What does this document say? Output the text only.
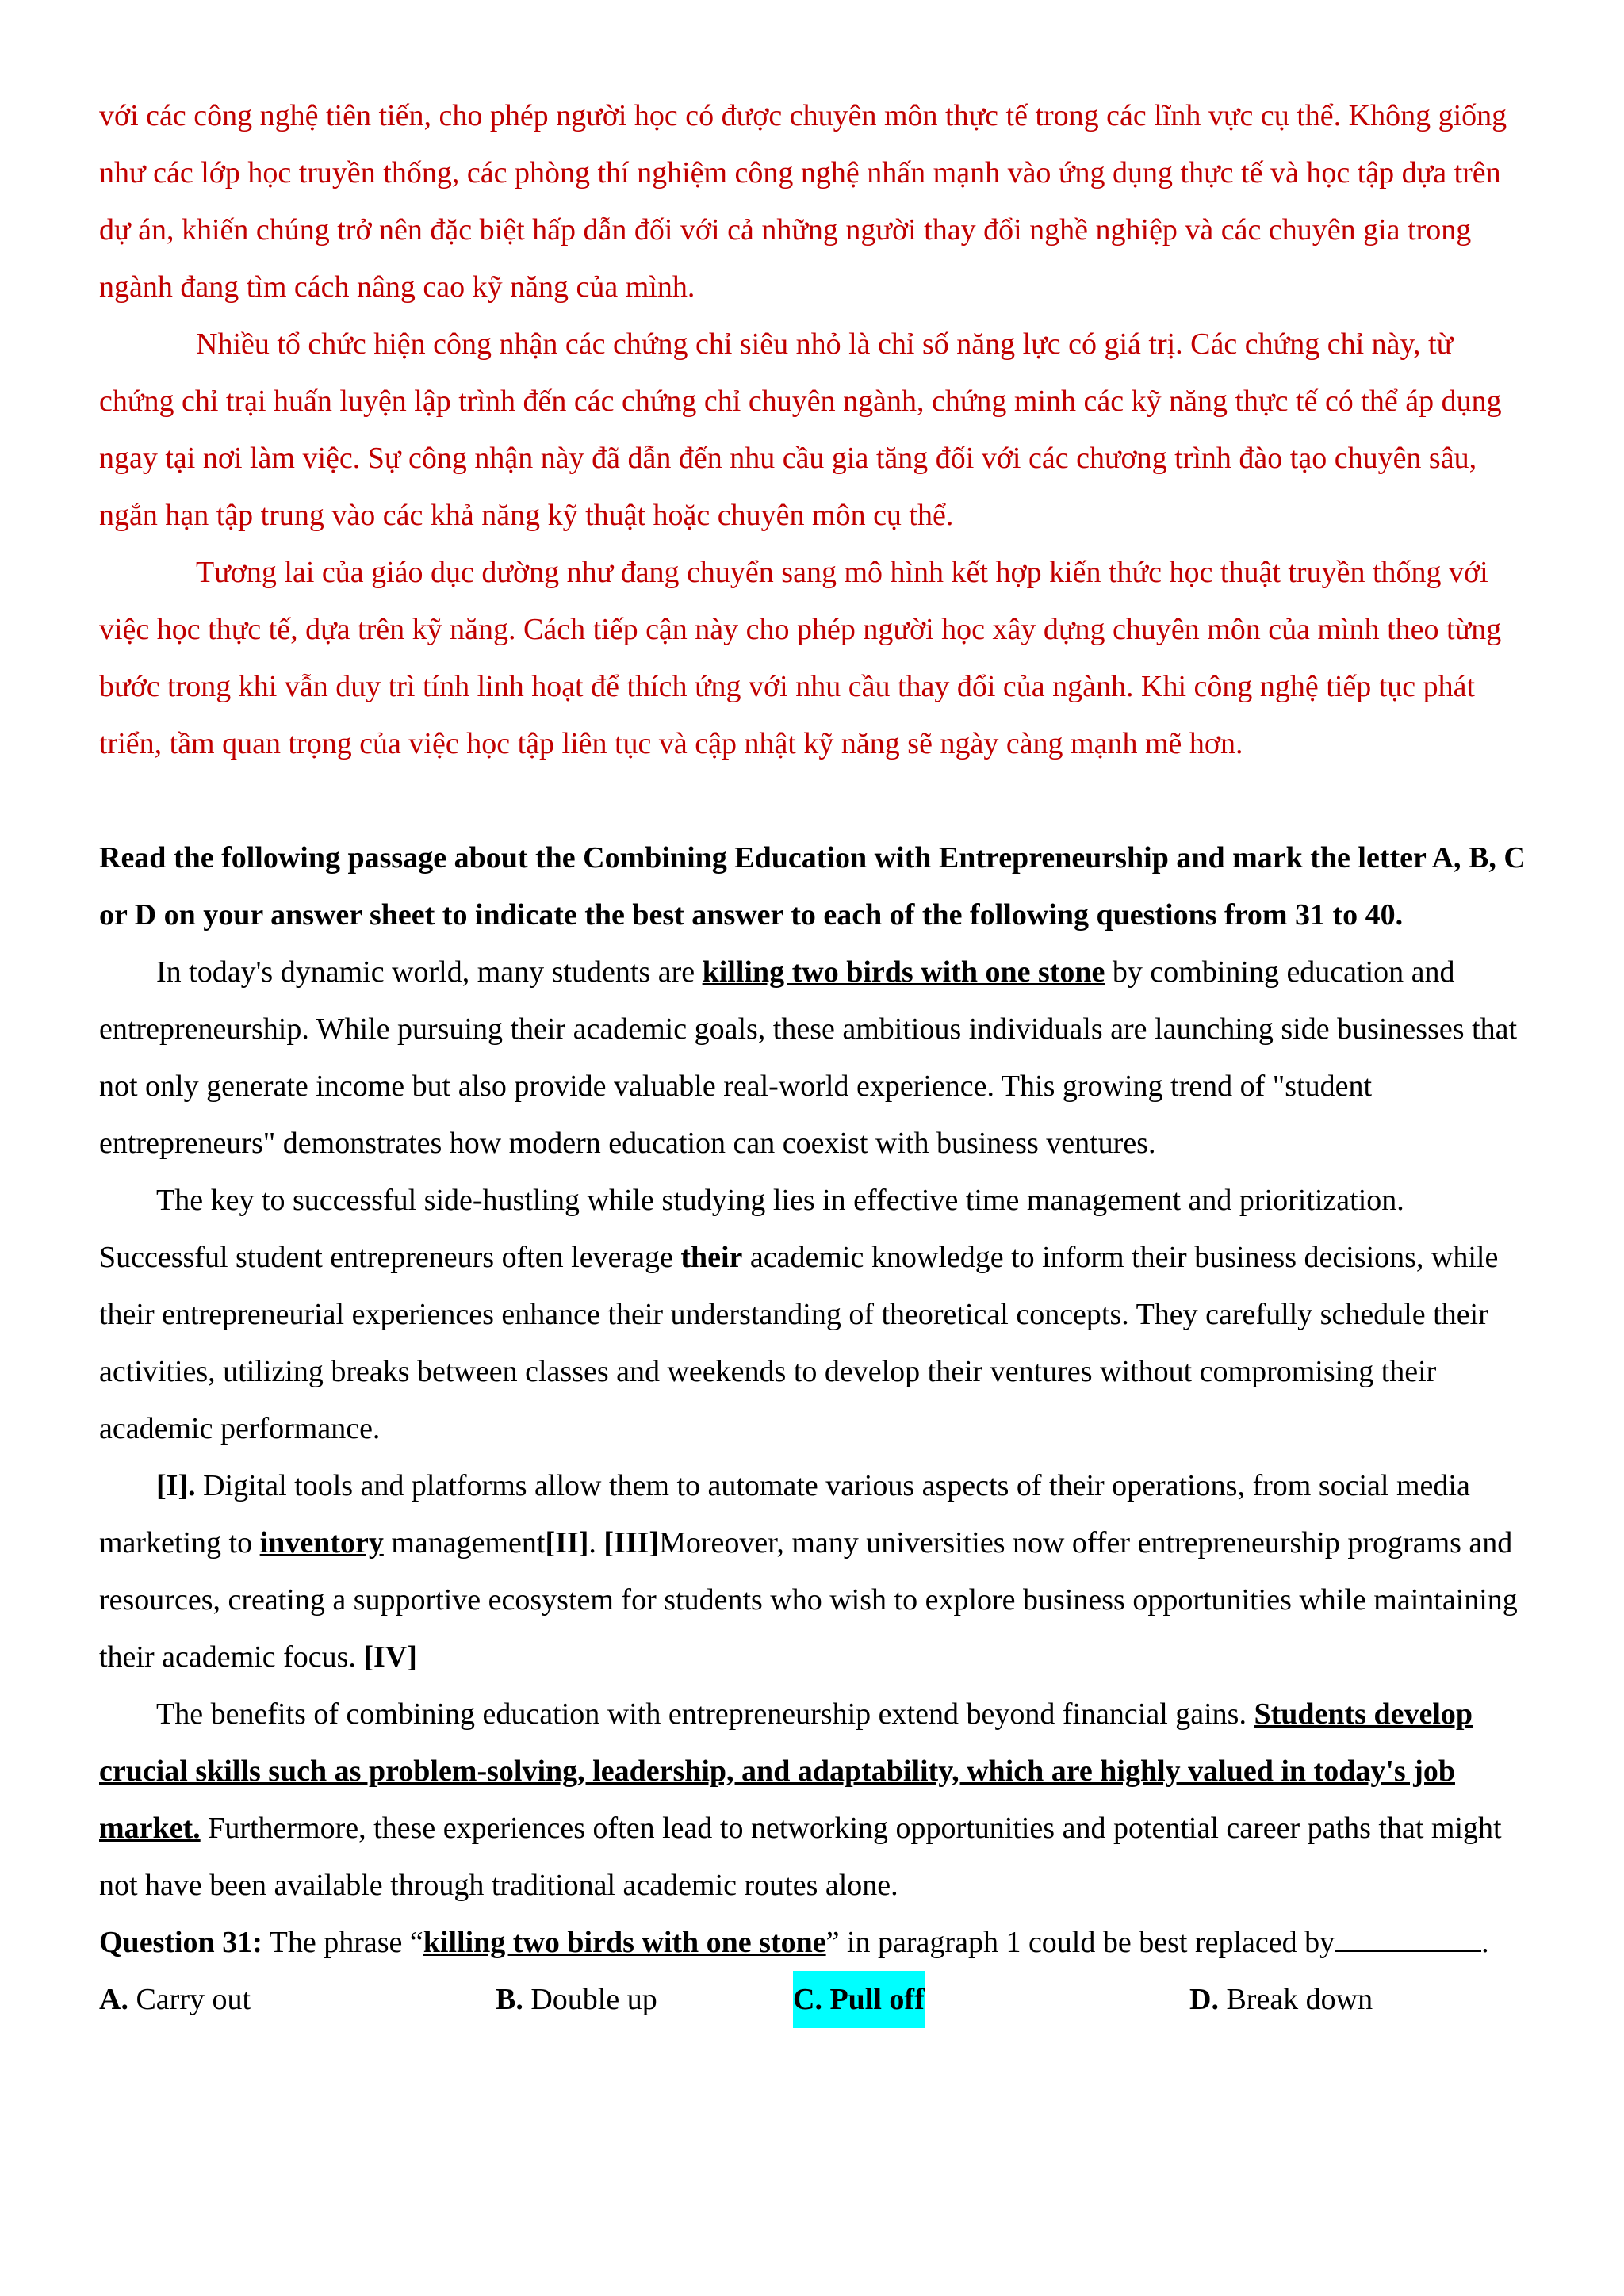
với các công nghệ tiên tiến, cho phép người học có được chuyên môn thực tế trong các lĩnh vực cụ thể. Không giống như các lớp học truyền thống, các phòng thí nghiệm công nghệ nhấn mạnh vào ứng dụng thực tế và học tập dựa trên dự án, khiến chúng trở nên đặc biệt hấp dẫn đối với cả những người thay đổi nghề nghiệp và các chuyên gia trong ngành đang tìm cách nâng cao kỹ năng của mình.

Nhiều tổ chức hiện công nhận các chứng chỉ siêu nhỏ là chỉ số năng lực có giá trị. Các chứng chỉ này, từ chứng chỉ trại huấn luyện lập trình đến các chứng chỉ chuyên ngành, chứng minh các kỹ năng thực tế có thể áp dụng ngay tại nơi làm việc. Sự công nhận này đã dẫn đến nhu cầu gia tăng đối với các chương trình đào tạo chuyên sâu, ngắn hạn tập trung vào các khả năng kỹ thuật hoặc chuyên môn cụ thể.

Tương lai của giáo dục dường như đang chuyển sang mô hình kết hợp kiến thức học thuật truyền thống với việc học thực tế, dựa trên kỹ năng. Cách tiếp cận này cho phép người học xây dựng chuyên môn của mình theo từng bước trong khi vẫn duy trì tính linh hoạt để thích ứng với nhu cầu thay đổi của ngành. Khi công nghệ tiếp tục phát triển, tầm quan trọng của việc học tập liên tục và cập nhật kỹ năng sẽ ngày càng mạnh mẽ hơn.

Read the following passage about the Combining Education with Entrepreneurship and mark the letter A, B, C or D on your answer sheet to indicate the best answer to each of the following questions from 31 to 40.

In today's dynamic world, many students are killing two birds with one stone by combining education and entrepreneurship. While pursuing their academic goals, these ambitious individuals are launching side businesses that not only generate income but also provide valuable real-world experience. This growing trend of "student entrepreneurs" demonstrates how modern education can coexist with business ventures.

The key to successful side-hustling while studying lies in effective time management and prioritization. Successful student entrepreneurs often leverage their academic knowledge to inform their business decisions, while their entrepreneurial experiences enhance their understanding of theoretical concepts. They carefully schedule their activities, utilizing breaks between classes and weekends to develop their ventures without compromising their academic performance.

[I]. Digital tools and platforms allow them to automate various aspects of their operations, from social media marketing to inventory management[II]. [III]Moreover, many universities now offer entrepreneurship programs and resources, creating a supportive ecosystem for students who wish to explore business opportunities while maintaining their academic focus. [IV]

The benefits of combining education with entrepreneurship extend beyond financial gains. Students develop crucial skills such as problem-solving, leadership, and adaptability, which are highly valued in today's job market. Furthermore, these experiences often lead to networking opportunities and potential career paths that might not have been available through traditional academic routes alone.

Question 31: The phrase “killing two birds with one stone” in paragraph 1 could be best replaced by	.

A. Carry out	B. Double up	C. Pull off	D. Break down
